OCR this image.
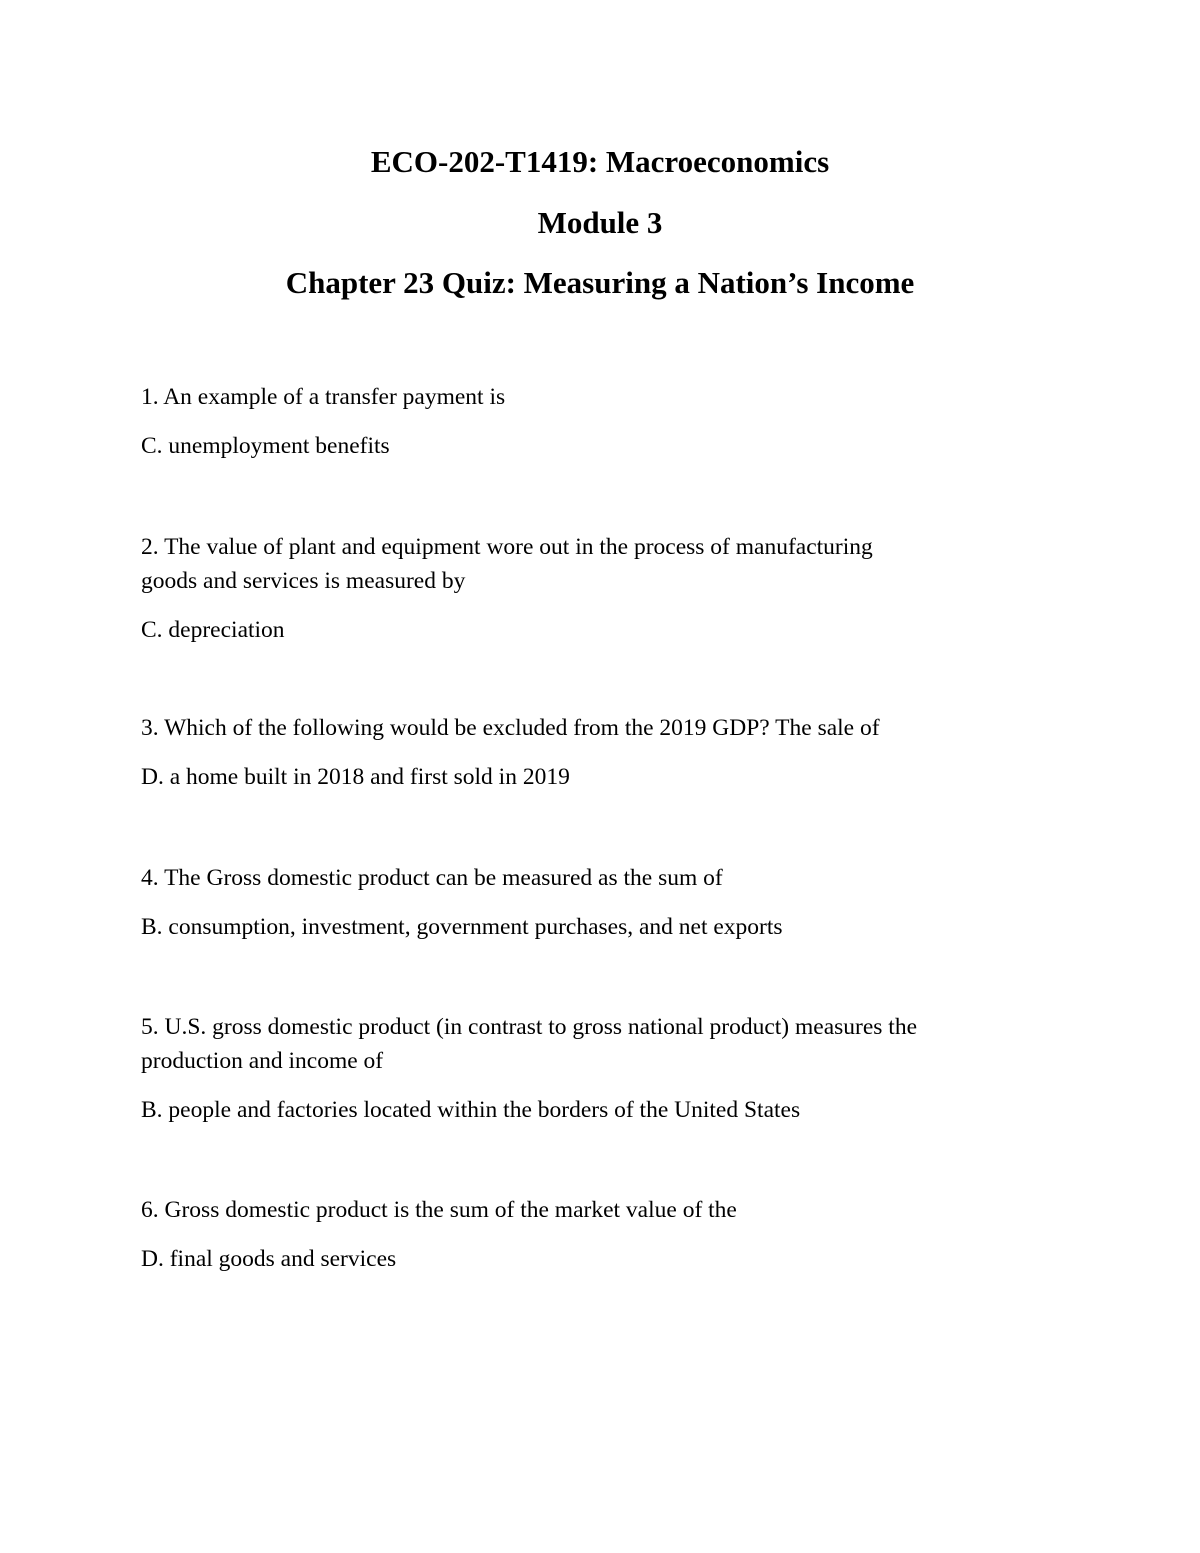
ECO-202-T1419: Macroeconomics
Module 3
Chapter 23 Quiz: Measuring a Nation’s Income

1. An example of a transfer payment is

C. unemployment benefits

2. The value of plant and equipment wore out in the process of manufacturing

goods and services is measured by

C. depreciation

3. Which of the following would be excluded from the 2019 GDP? The sale of

D. a home built in 2018 and first sold in 2019

4. The Gross domestic product can be measured as the sum of

B. consumption, investment, government purchases, and net exports

5. U.S. gross domestic product (in contrast to gross national product) measures the

production and income of

B. people and factories located within the borders of the United States

6. Gross domestic product is the sum of the market value of the

D. final goods and services
